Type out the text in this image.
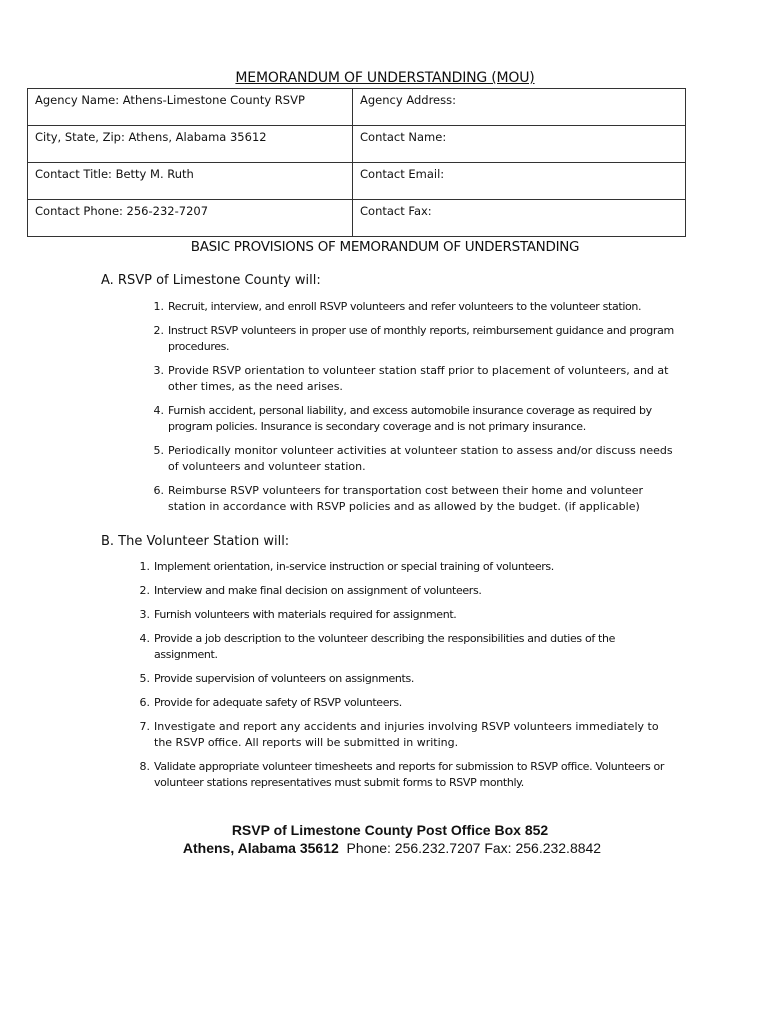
MEMORANDUM OF UNDERSTANDING (MOU)
Agency Name: Athens-Limestone County RSVP	Agency Address:
City, State, Zip: Athens, Alabama 35612	Contact Name:
Contact Title: Betty M. Ruth	Contact Email:
Contact Phone: 256-232-7207	Contact Fax:
BASIC PROVISIONS OF MEMORANDUM OF UNDERSTANDING
A. RSVP of Limestone County will:
1. Recruit, interview, and enroll RSVP volunteers and refer volunteers to the volunteer station.
2. Instruct RSVP volunteers in proper use of monthly reports, reimbursement guidance and program procedures.
3. Provide RSVP orientation to volunteer station staff prior to placement of volunteers, and at other times, as the need arises.
4. Furnish accident, personal liability, and excess automobile insurance coverage as required by program policies. Insurance is secondary coverage and is not primary insurance.
5. Periodically monitor volunteer activities at volunteer station to assess and/or discuss needs of volunteers and volunteer station.
6. Reimburse RSVP volunteers for transportation cost between their home and volunteer station in accordance with RSVP policies and as allowed by the budget. (if applicable)
B. The Volunteer Station will:
1. Implement orientation, in-service instruction or special training of volunteers.
2. Interview and make final decision on assignment of volunteers.
3. Furnish volunteers with materials required for assignment.
4. Provide a job description to the volunteer describing the responsibilities and duties of the assignment.
5. Provide supervision of volunteers on assignments.
6. Provide for adequate safety of RSVP volunteers.
7. Investigate and report any accidents and injuries involving RSVP volunteers immediately to the RSVP office. All reports will be submitted in writing.
8. Validate appropriate volunteer timesheets and reports for submission to RSVP office. Volunteers or volunteer stations representatives must submit forms to RSVP monthly.
RSVP of Limestone County Post Office Box 852
Athens, Alabama 35612  Phone: 256.232.7207 Fax: 256.232.8842
